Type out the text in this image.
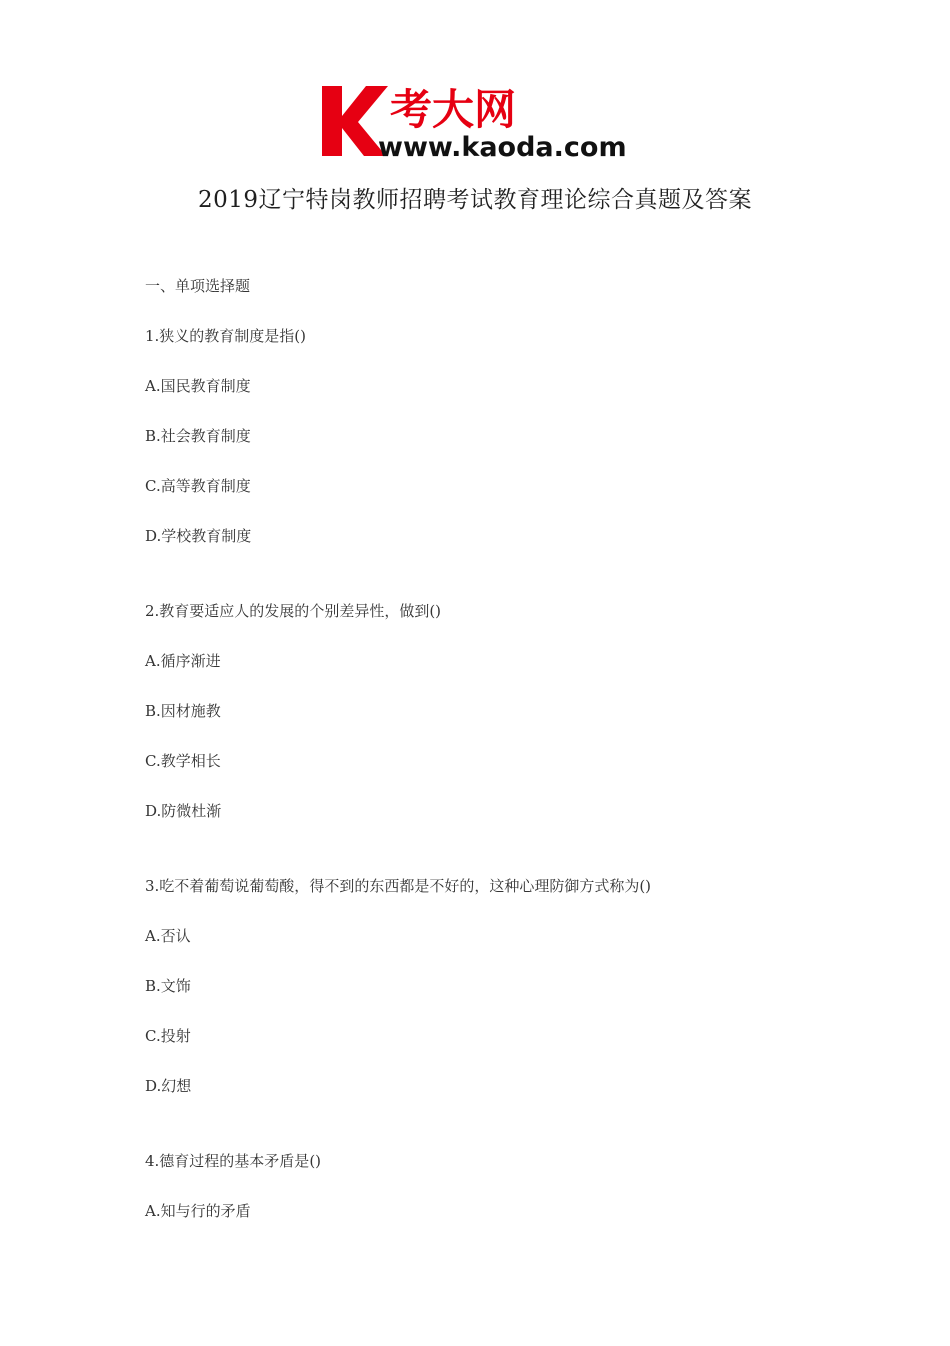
考大网
www.kaoda.com
2019辽宁特岗教师招聘考试教育理论综合真题及答案
一、单项选择题
1.狭义的教育制度是指()
A.国民教育制度
B.社会教育制度
C.高等教育制度
D.学校教育制度
2.教育要适应人的发展的个别差异性，做到()
A.循序渐进
B.因材施教
C.教学相长
D.防微杜渐
3.吃不着葡萄说葡萄酸，得不到的东西都是不好的，这种心理防御方式称为()
A.否认
B.文饰
C.投射
D.幻想
4.德育过程的基本矛盾是()
A.知与行的矛盾
